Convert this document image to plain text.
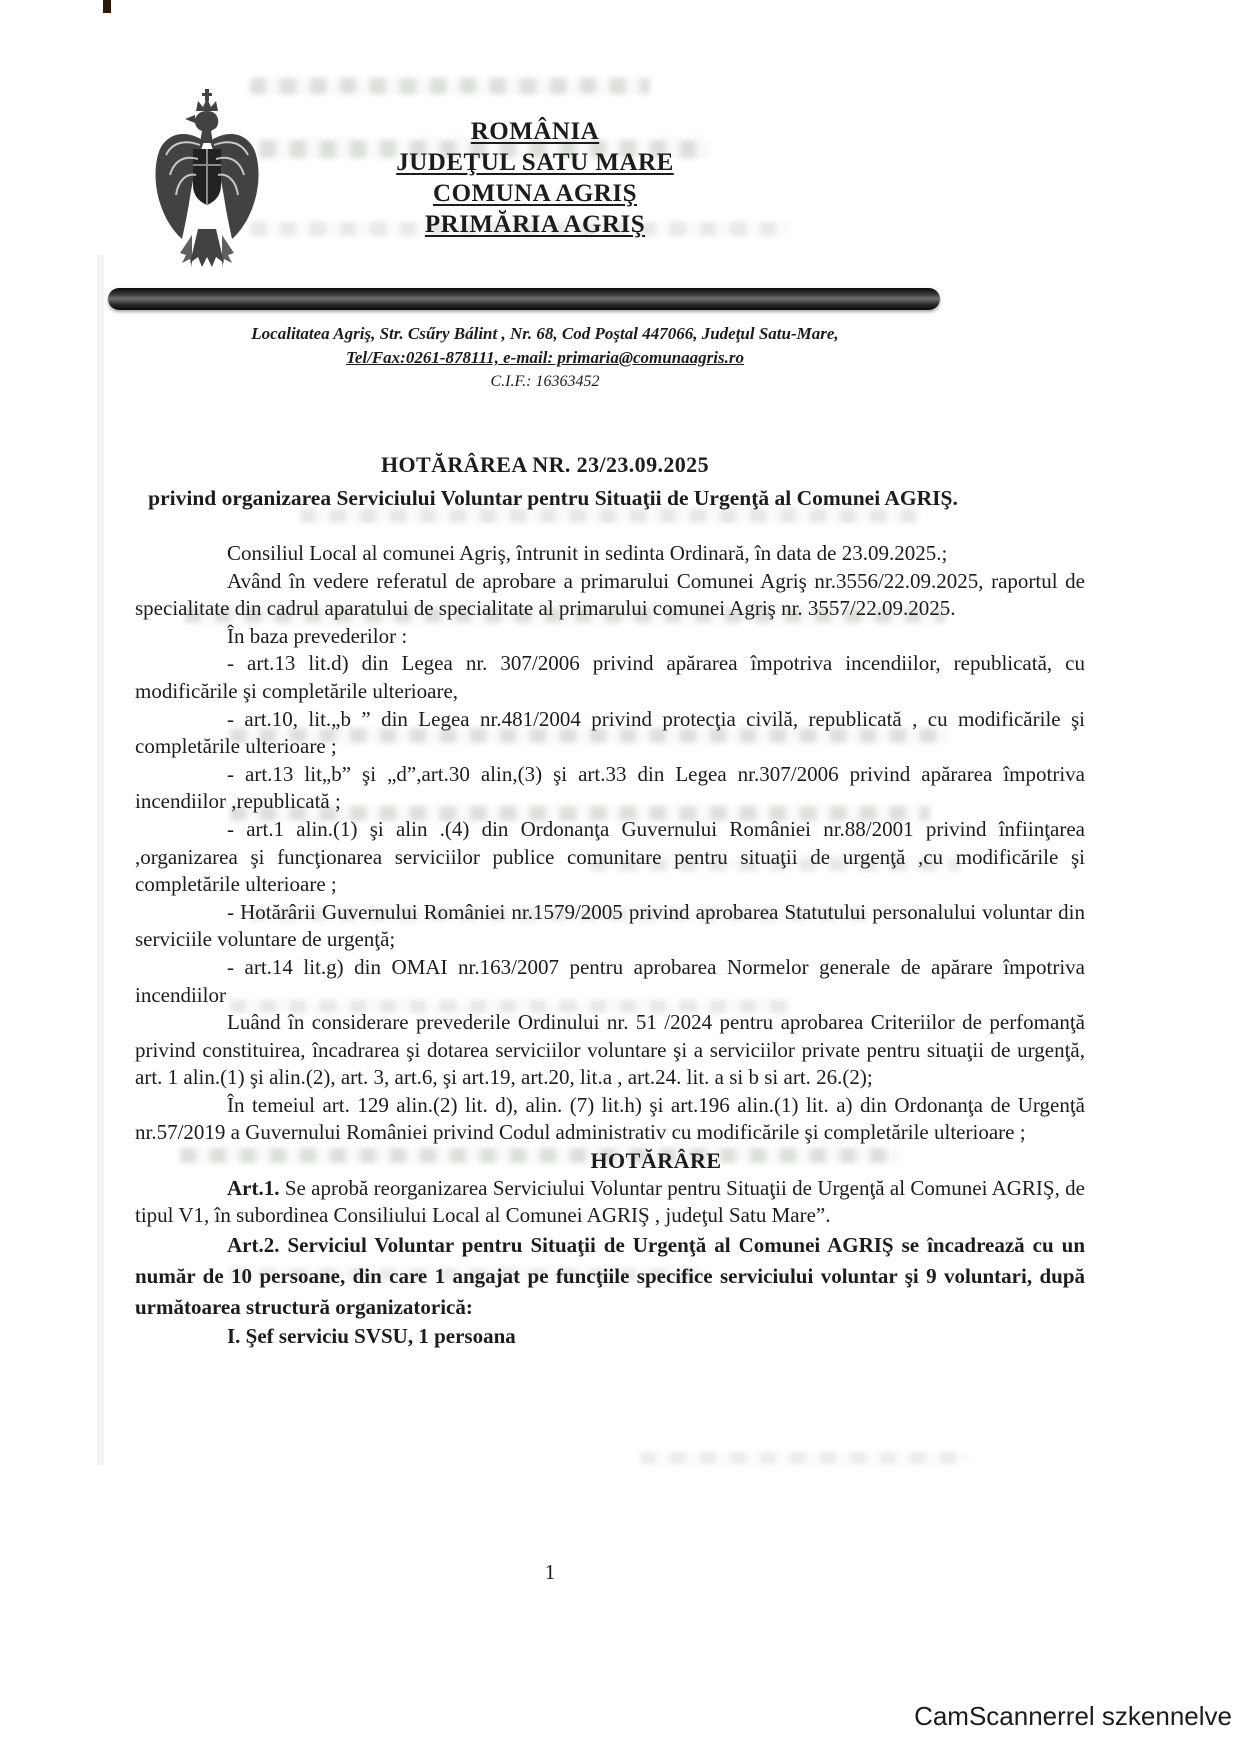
ROMÂNIA
JUDEŢUL SATU MARE
COMUNA AGRIŞ
PRIMĂRIA AGRIŞ
Localitatea Agriş, Str. Csűry Bálint , Nr. 68, Cod Poştal 447066, Judeţul Satu-Mare,
Tel/Fax:0261-878111, e-mail: primaria@comunaagris.ro
C.I.F.: 16363452
HOTĂRÂREA NR. 23/23.09.2025
privind organizarea Serviciului Voluntar pentru Situaţii de Urgenţă al Comunei AGRIŞ.

Consiliul Local al comunei Agriş, întrunit in sedinta Ordinară, în data de 23.09.2025.;

Având în vedere referatul de aprobare a primarului Comunei Agriş nr.3556/22.09.2025, raportul de specialitate din cadrul aparatului de specialitate al primarului comunei Agriş nr. 3557/22.09.2025.

În baza prevederilor :

- art.13 lit.d) din Legea nr. 307/2006 privind apărarea împotriva incendiilor, republicată, cu modificările şi completările ulterioare,

- art.10, lit.„b ” din Legea nr.481/2004 privind protecţia civilă, republicată , cu modificările şi completările ulterioare ;

- art.13 lit„b” şi „d”,art.30 alin,(3) şi art.33 din Legea nr.307/2006 privind apărarea împotriva incendiilor ,republicată ;

- art.1 alin.(1) şi alin .(4) din Ordonanţa Guvernului României nr.88/2001 privind înfiinţarea ,organizarea şi funcţionarea serviciilor publice comunitare pentru situaţii de urgenţă ,cu modificările şi completările ulterioare ;

- Hotărârii Guvernului României nr.1579/2005 privind aprobarea Statutului personalului voluntar din serviciile voluntare de urgenţă;

- art.14 lit.g) din OMAI nr.163/2007 pentru aprobarea Normelor generale de apărare împotriva incendiilor

Luând în considerare prevederile Ordinului nr. 51 /2024 pentru aprobarea Criteriilor de perfomanţă privind constituirea, încadrarea şi dotarea serviciilor voluntare şi a serviciilor private pentru situaţii de urgenţă, art. 1 alin.(1) şi alin.(2), art. 3, art.6, şi art.19, art.20, lit.a , art.24. lit. a si b si art. 26.(2);

În temeiul art. 129 alin.(2) lit. d), alin. (7) lit.h) şi art.196 alin.(1) lit. a) din Ordonanţa de Urgenţă nr.57/2019 a Guvernului României privind Codul administrativ cu modificările şi completările ulterioare ;

HOTĂRÂRE

Art.1. Se aprobă reorganizarea Serviciului Voluntar pentru Situaţii de Urgenţă al Comunei AGRIŞ, de tipul V1, în subordinea Consiliului Local al Comunei AGRIŞ , judeţul Satu Mare”.

Art.2. Serviciul Voluntar pentru Situaţii de Urgenţă al Comunei AGRIŞ se încadrează cu un număr de 10 persoane, din care 1 angajat pe funcţiile specifice serviciului voluntar şi 9 voluntari, după următoarea structură organizatorică:

I. Şef serviciu SVSU, 1 persoana

1
CamScannerrel szkennelve
